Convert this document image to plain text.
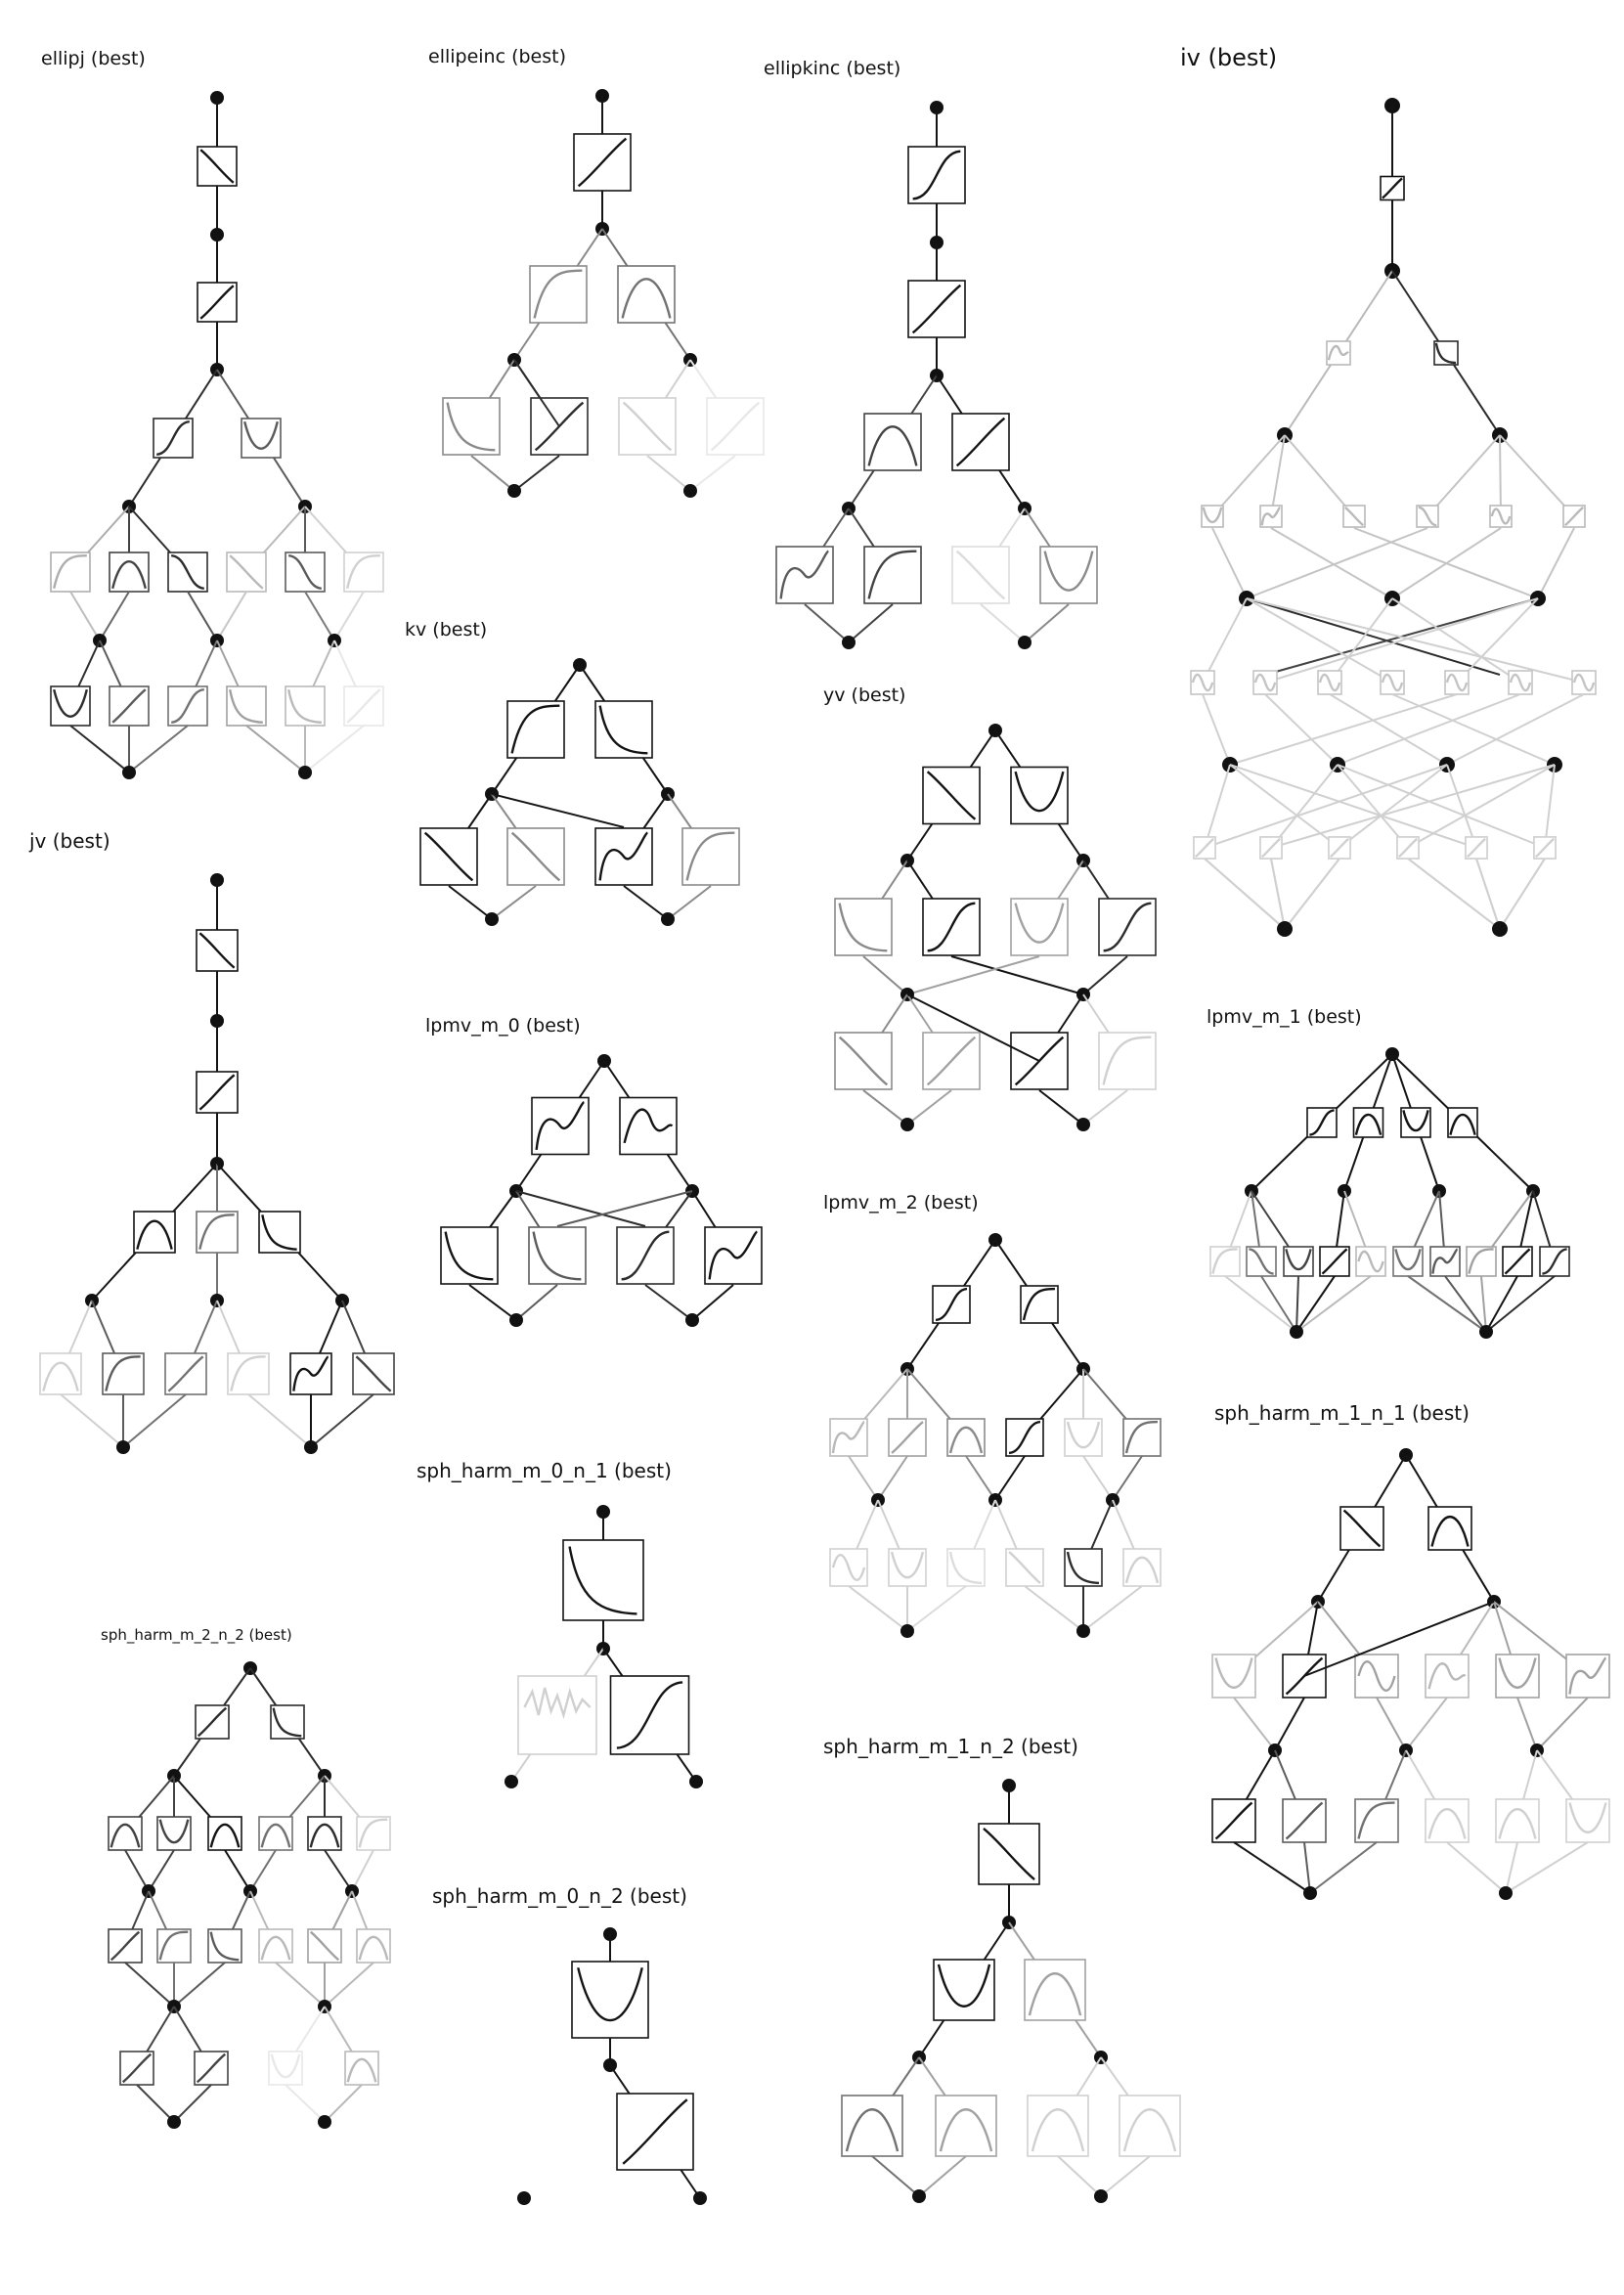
ellipj (best)	ellipeinc (best)
ellipkinc (best)	iv (best)
kv (best)
yv (best)
jv (best)
lpmv_m_0 (best)	lpmv_m_1 (best)
lpmv_m_2 (best)
sph_harm_m_0_n_1 (best)
sph_harm_m_1_n_1 (best)
sph_harm_m_2_n_2 (best)
sph_harm_m_1_n_2 (best)
sph_harm_m_0_n_2 (best)
